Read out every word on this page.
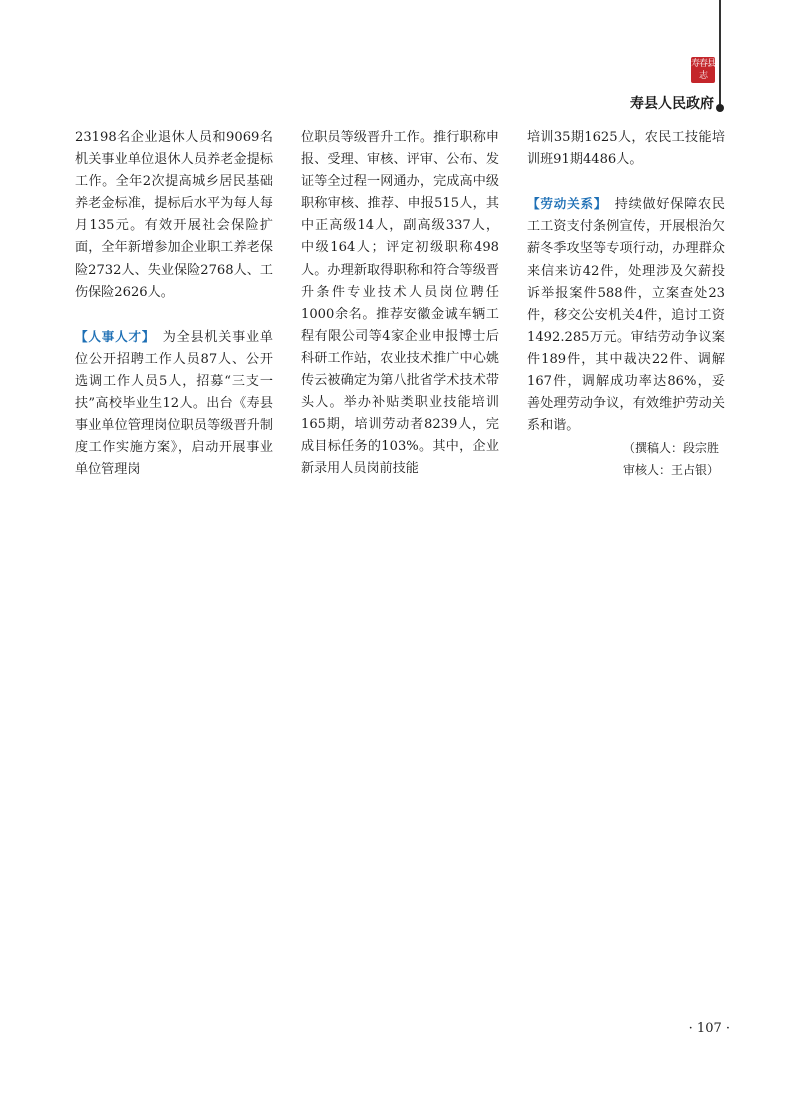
寿春县志
寿县人民政府

23198名企业退休人员和9069名机关事业单位退休人员养老金提标工作。全年2次提高城乡居民基础养老金标准，提标后水平为每人每月135元。有效开展社会保险扩面，全年新增参加企业职工养老保险2732人、失业保险2768人、工伤保险2626人。

【人事人才】　为全县机关事业单位公开招聘工作人员87人、公开选调工作人员5人，招募“三支一扶”高校毕业生12人。出台《寿县事业单位管理岗位职员等级晋升制度工作实施方案》，启动开展事业单位管理岗

位职员等级晋升工作。推行职称申报、受理、审核、评审、公布、发证等全过程一网通办，完成高中级职称审核、推荐、申报515人，其中正高级14人，副高级337人，中级164人；评定初级职称498人。办理新取得职称和符合等级晋升条件专业技术人员岗位聘任1000余名。推荐安徽金诚车辆工程有限公司等4家企业申报博士后科研工作站，农业技术推广中心姚传云被确定为第八批省学术技术带头人。举办补贴类职业技能培训165期，培训劳动者8239人，完成目标任务的103%。其中，企业新录用人员岗前技能

培训35期1625人，农民工技能培训班91期4486人。

【劳动关系】　持续做好保障农民工工资支付条例宣传，开展根治欠薪冬季攻坚等专项行动，办理群众来信来访42件，处理涉及欠薪投诉举报案件588件，立案查处23件，移交公安机关4件，追讨工资1492.285万元。审结劳动争议案件189件，其中裁决22件、调解167件，调解成功率达86%，妥善处理劳动争议，有效维护劳动关系和谐。

（撰稿人：段宗胜
审核人：王占银）
· 107 ·
